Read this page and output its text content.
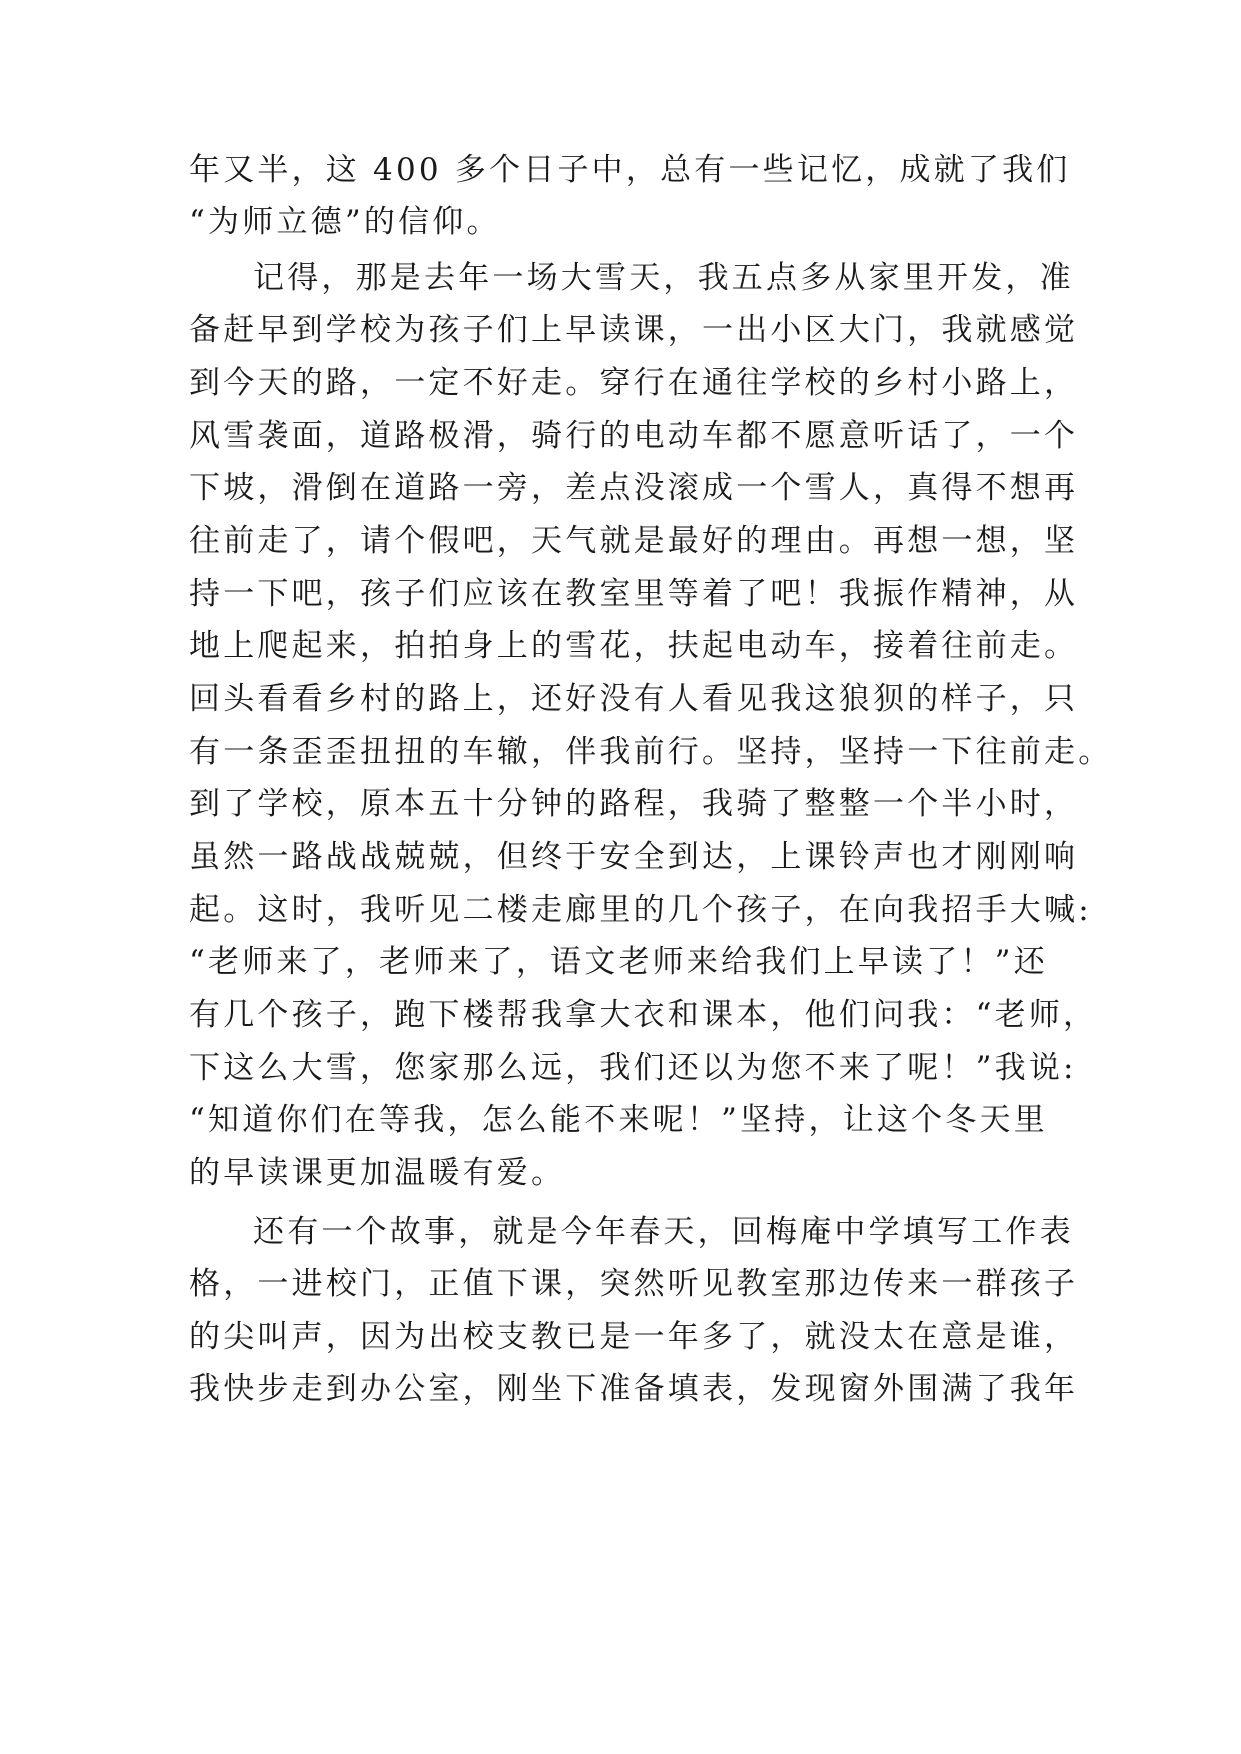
年又半，这 400 多个日子中，总有一些记忆，成就了我们
“为师立德”的信仰。
记得，那是去年一场大雪天，我五点多从家里开发，准
备赶早到学校为孩子们上早读课，一出小区大门，我就感觉
到今天的路，一定不好走。穿行在通往学校的乡村小路上，
风雪袭面，道路极滑，骑行的电动车都不愿意听话了，一个
下坡，滑倒在道路一旁，差点没滚成一个雪人，真得不想再
往前走了，请个假吧，天气就是最好的理由。再想一想，坚
持一下吧，孩子们应该在教室里等着了吧！我振作精神，从
地上爬起来，拍拍身上的雪花，扶起电动车，接着往前走。
回头看看乡村的路上，还好没有人看见我这狼狈的样子，只
有一条歪歪扭扭的车辙，伴我前行。坚持，坚持一下往前走。
到了学校，原本五十分钟的路程，我骑了整整一个半小时，
虽然一路战战兢兢，但终于安全到达，上课铃声也才刚刚响
起。这时，我听见二楼走廊里的几个孩子，在向我招手大喊:
“老师来了，老师来了，语文老师来给我们上早读了！”还
有几个孩子，跑下楼帮我拿大衣和课本，他们问我：“老师，
下这么大雪，您家那么远，我们还以为您不来了呢！”我说:
“知道你们在等我，怎么能不来呢！”坚持，让这个冬天里
的早读课更加温暖有爱。
还有一个故事，就是今年春天，回梅庵中学填写工作表
格，一进校门，正值下课，突然听见教室那边传来一群孩子
的尖叫声，因为出校支教已是一年多了，就没太在意是谁，
我快步走到办公室，刚坐下准备填表，发现窗外围满了我年
